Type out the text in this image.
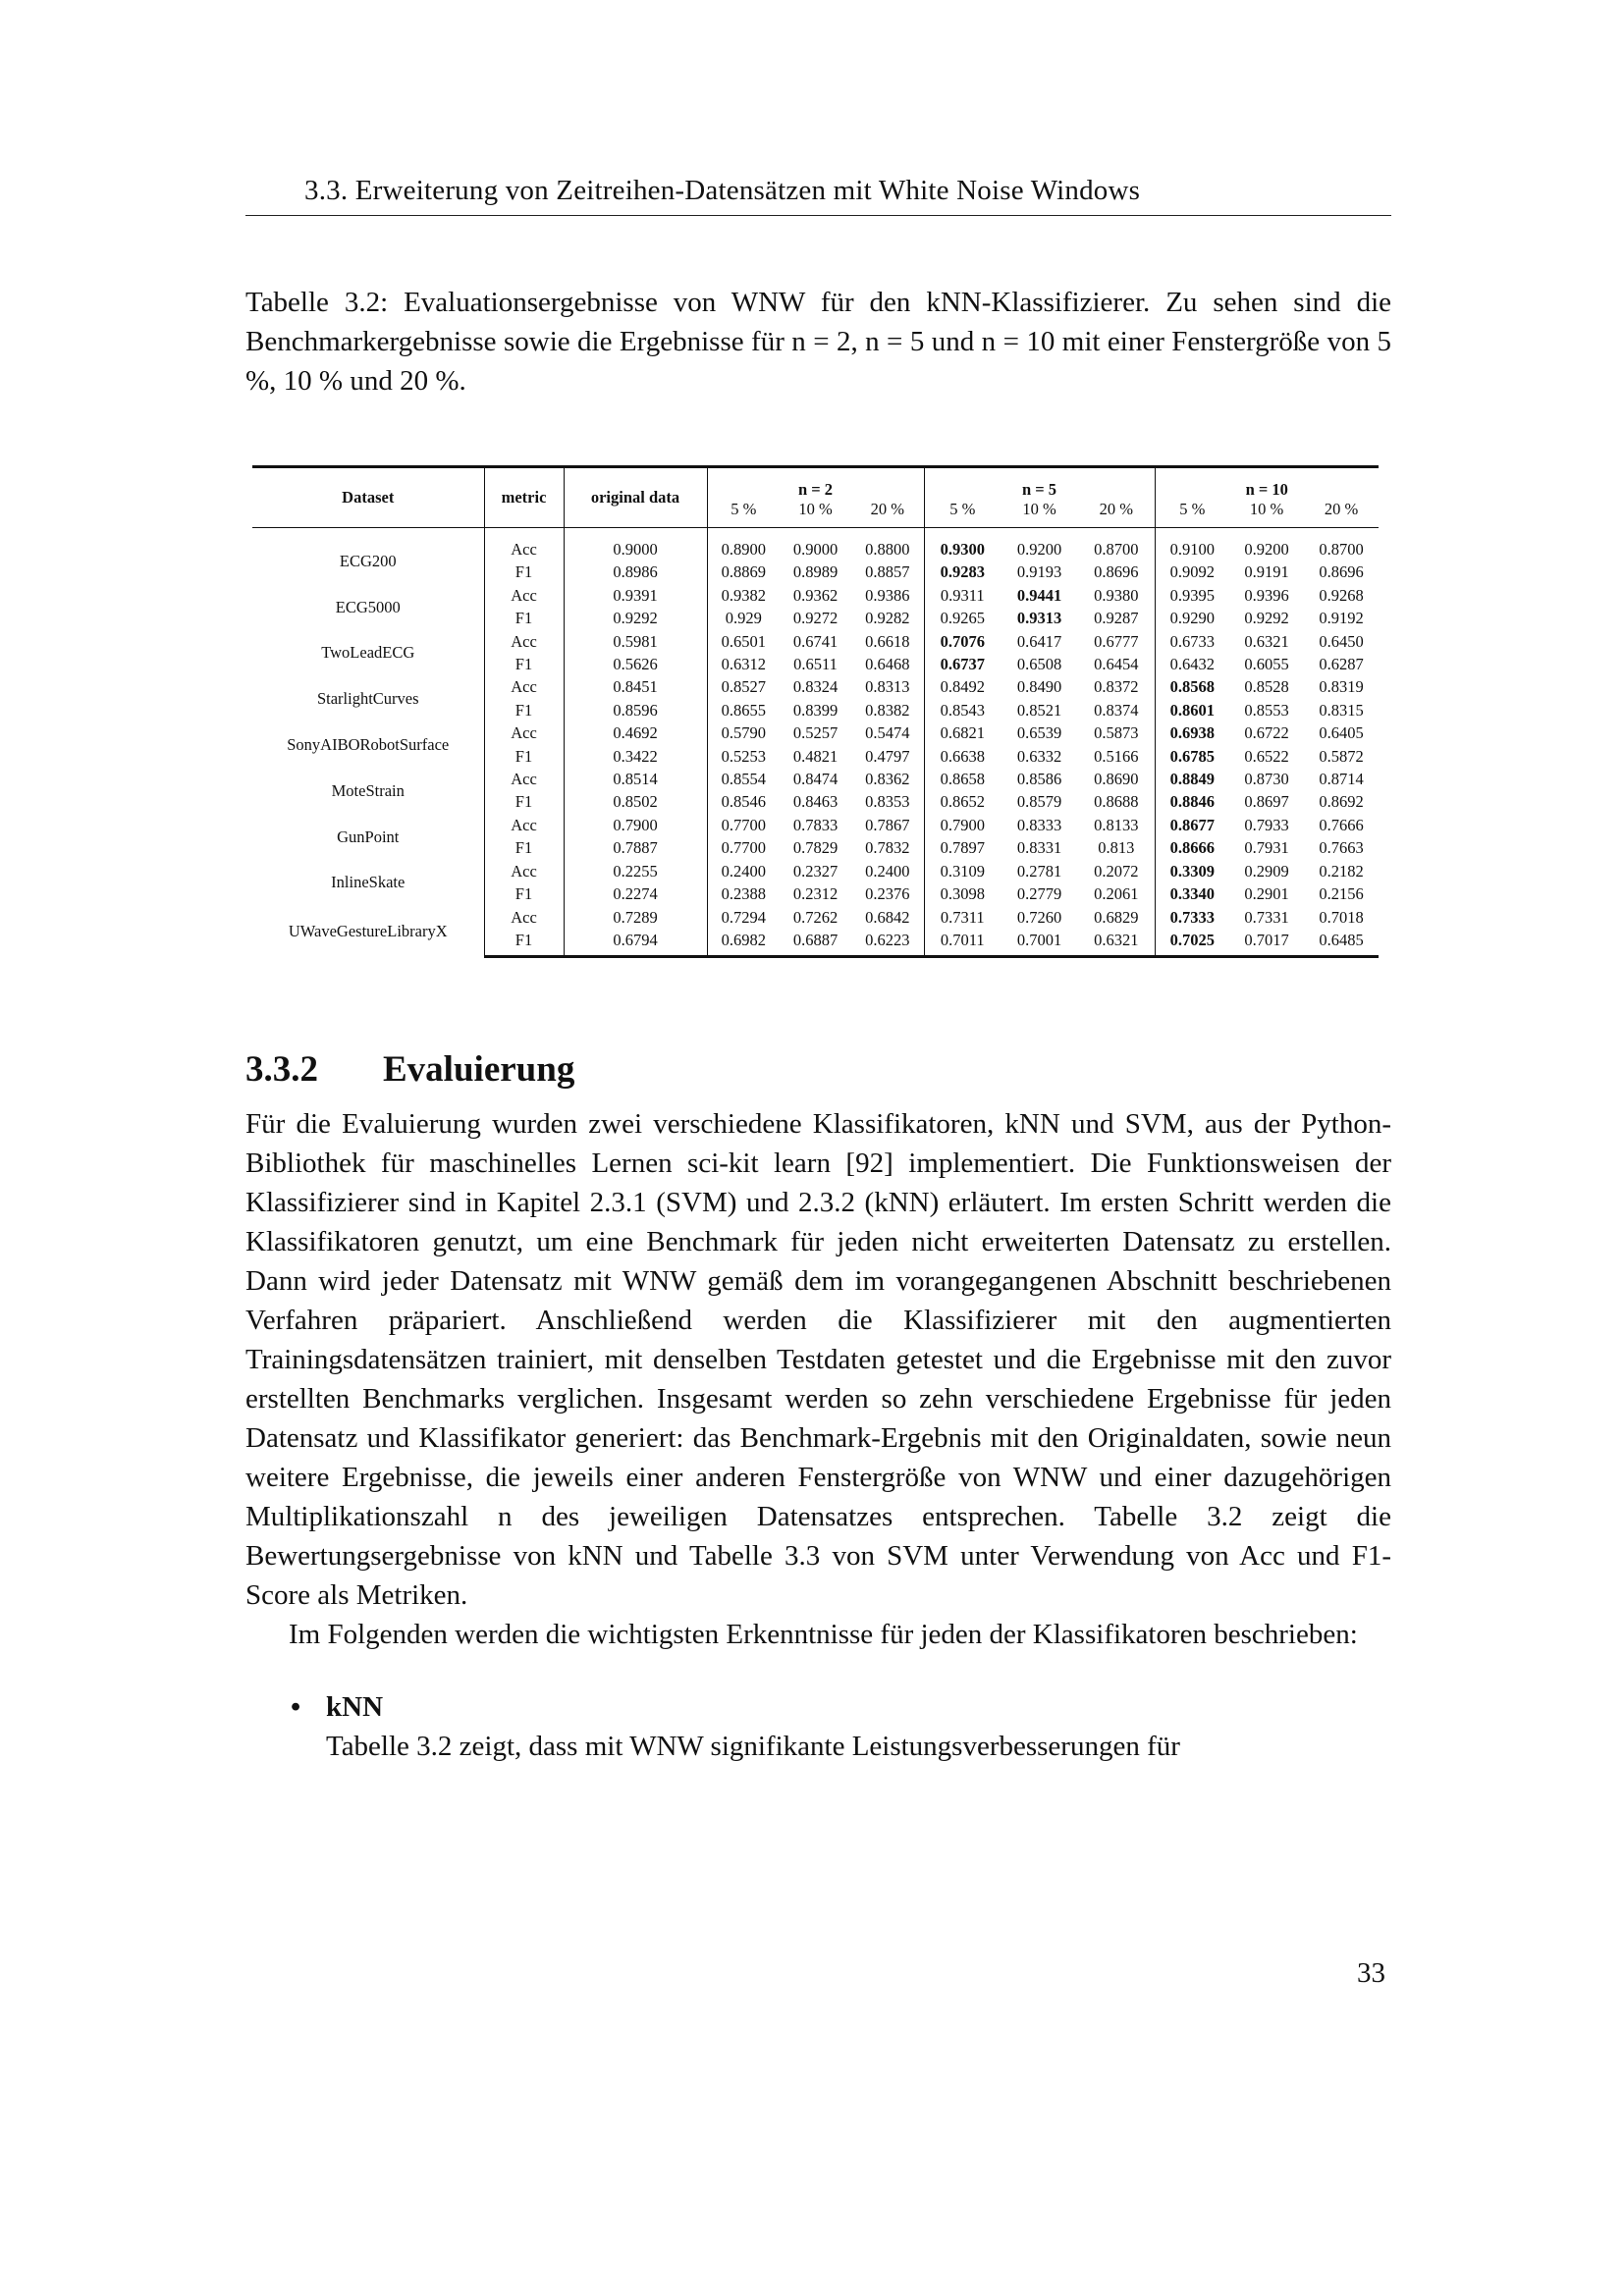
3.3. Erweiterung von Zeitreihen-Datensätzen mit White Noise Windows
Tabelle 3.2: Evaluationsergebnisse von WNW für den kNN-Klassifizierer. Zu sehen sind die Benchmarkergebnisse sowie die Ergebnisse für n = 2, n = 5 und n = 10 mit einer Fenstergröße von 5 %, 10 % und 20 %.
Dataset	metric	original data	n = 2			n = 5			n = 10		
			5 %	10 %	20 %	5 %	10 %	20 %	5 %	10 %	20 %
ECG200	Acc	0.9000	0.8900	0.9000	0.8800	0.9300	0.9200	0.8700	0.9100	0.9200	0.8700
	F1	0.8986	0.8869	0.8989	0.8857	0.9283	0.9193	0.8696	0.9092	0.9191	0.8696
ECG5000	Acc	0.9391	0.9382	0.9362	0.9386	0.9311	0.9441	0.9380	0.9395	0.9396	0.9268
	F1	0.9292	0.929	0.9272	0.9282	0.9265	0.9313	0.9287	0.9290	0.9292	0.9192
TwoLeadECG	Acc	0.5981	0.6501	0.6741	0.6618	0.7076	0.6417	0.6777	0.6733	0.6321	0.6450
	F1	0.5626	0.6312	0.6511	0.6468	0.6737	0.6508	0.6454	0.6432	0.6055	0.6287
StarlightCurves	Acc	0.8451	0.8527	0.8324	0.8313	0.8492	0.8490	0.8372	0.8568	0.8528	0.8319
	F1	0.8596	0.8655	0.8399	0.8382	0.8543	0.8521	0.8374	0.8601	0.8553	0.8315
SonyAIBORobotSurface	Acc	0.4692	0.5790	0.5257	0.5474	0.6821	0.6539	0.5873	0.6938	0.6722	0.6405
	F1	0.3422	0.5253	0.4821	0.4797	0.6638	0.6332	0.5166	0.6785	0.6522	0.5872
MoteStrain	Acc	0.8514	0.8554	0.8474	0.8362	0.8658	0.8586	0.8690	0.8849	0.8730	0.8714
	F1	0.8502	0.8546	0.8463	0.8353	0.8652	0.8579	0.8688	0.8846	0.8697	0.8692
GunPoint	Acc	0.7900	0.7700	0.7833	0.7867	0.7900	0.8333	0.8133	0.8677	0.7933	0.7666
	F1	0.7887	0.7700	0.7829	0.7832	0.7897	0.8331	0.813	0.8666	0.7931	0.7663
InlineSkate	Acc	0.2255	0.2400	0.2327	0.2400	0.3109	0.2781	0.2072	0.3309	0.2909	0.2182
	F1	0.2274	0.2388	0.2312	0.2376	0.3098	0.2779	0.2061	0.3340	0.2901	0.2156
UWaveGestureLibraryX	Acc	0.7289	0.7294	0.7262	0.6842	0.7311	0.7260	0.6829	0.7333	0.7331	0.7018
	F1	0.6794	0.6982	0.6887	0.6223	0.7011	0.7001	0.6321	0.7025	0.7017	0.6485
3.3.2 Evaluierung

Für die Evaluierung wurden zwei verschiedene Klassifikatoren, kNN und SVM, aus der Python-Bibliothek für maschinelles Lernen sci-kit learn [92] implementiert. Die Funktionsweisen der Klassifizierer sind in Kapitel 2.3.1 (SVM) und 2.3.2 (kNN) erläutert. Im ersten Schritt werden die Klassifikatoren genutzt, um eine Benchmark für jeden nicht erweiterten Datensatz zu erstellen. Dann wird jeder Datensatz mit WNW gemäß dem im vorangegangenen Abschnitt beschriebenen Verfahren präpariert. Anschließend werden die Klassifizierer mit den augmentierten Trainingsdatensätzen trainiert, mit denselben Testdaten getestet und die Ergebnisse mit den zuvor erstellten Benchmarks verglichen. Insgesamt werden so zehn verschiedene Ergebnisse für jeden Datensatz und Klassifikator generiert: das Benchmark-Ergebnis mit den Originaldaten, sowie neun weitere Ergebnisse, die jeweils einer anderen Fenstergröße von WNW und einer dazugehörigen Multiplikationszahl n des jeweiligen Datensatzes entsprechen. Tabelle 3.2 zeigt die Bewertungsergebnisse von kNN und Tabelle 3.3 von SVM unter Verwendung von Acc und F1-Score als Metriken.

Im Folgenden werden die wichtigsten Erkenntnisse für jeden der Klassifikatoren beschrieben:

• kNN
Tabelle 3.2 zeigt, dass mit WNW signifikante Leistungsverbesserungen für
33
